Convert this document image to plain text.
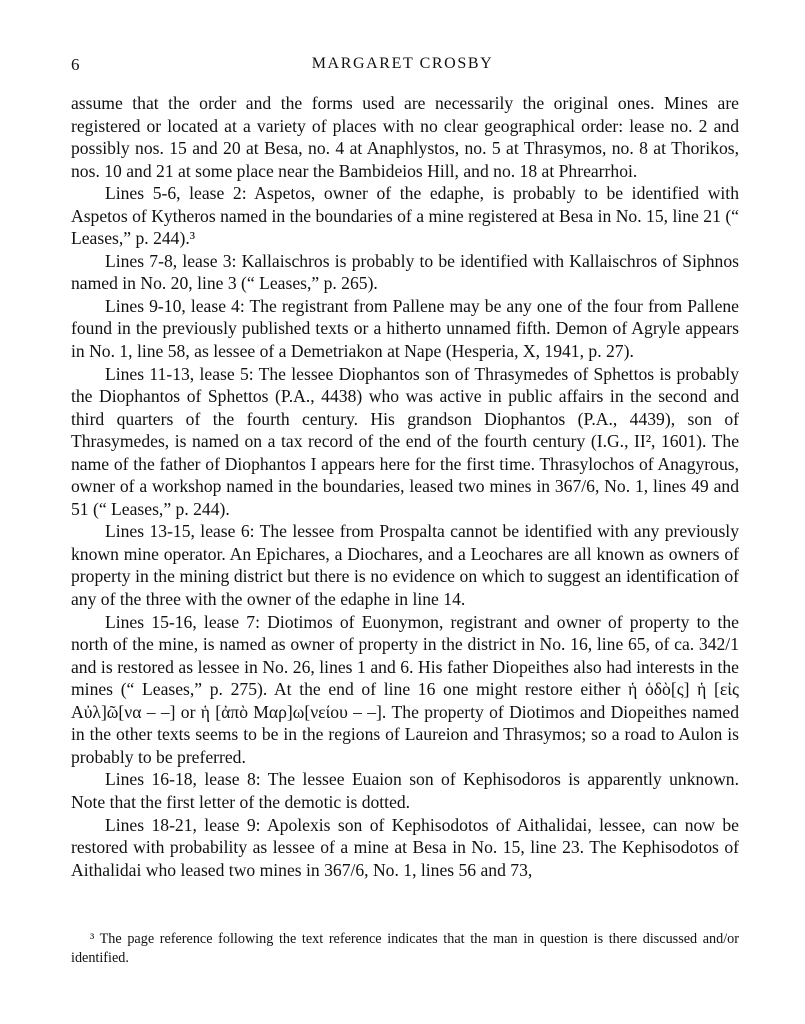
6	MARGARET CROSBY

assume that the order and the forms used are necessarily the original ones. Mines are registered or located at a variety of places with no clear geographical order: lease no. 2 and possibly nos. 15 and 20 at Besa, no. 4 at Anaphlystos, no. 5 at Thrasymos, no. 8 at Thorikos, nos. 10 and 21 at some place near the Bambideios Hill, and no. 18 at Phrearrhoi.

Lines 5-6, lease 2: Aspetos, owner of the edaphe, is probably to be identified with Aspetos of Kytheros named in the boundaries of a mine registered at Besa in No. 15, line 21 (“ Leases,” p. 244).³

Lines 7-8, lease 3: Kallaischros is probably to be identified with Kallaischros of Siphnos named in No. 20, line 3 (“ Leases,” p. 265).

Lines 9-10, lease 4: The registrant from Pallene may be any one of the four from Pallene found in the previously published texts or a hitherto unnamed fifth. Demon of Agryle appears in No. 1, line 58, as lessee of a Demetriakon at Nape (Hesperia, X, 1941, p. 27).

Lines 11-13, lease 5: The lessee Diophantos son of Thrasymedes of Sphettos is probably the Diophantos of Sphettos (P.A., 4438) who was active in public affairs in the second and third quarters of the fourth century. His grandson Diophantos (P.A., 4439), son of Thrasymedes, is named on a tax record of the end of the fourth century (I.G., II², 1601). The name of the father of Diophantos I appears here for the first time. Thrasylochos of Anagyrous, owner of a workshop named in the boundaries, leased two mines in 367/6, No. 1, lines 49 and 51 (“ Leases,” p. 244).

Lines 13-15, lease 6: The lessee from Prospalta cannot be identified with any previously known mine operator. An Epichares, a Diochares, and a Leochares are all known as owners of property in the mining district but there is no evidence on which to suggest an identification of any of the three with the owner of the edaphe in line 14.

Lines 15-16, lease 7: Diotimos of Euonymon, registrant and owner of property to the north of the mine, is named as owner of property in the district in No. 16, line 65, of ca. 342/1 and is restored as lessee in No. 26, lines 1 and 6. His father Diopeithes also had interests in the mines (“ Leases,” p. 275). At the end of line 16 one might restore either ἡ ὁδὸ[ς] ἡ [εἰς Αὐλ]ῶ[να – –] or ἡ [ἀπὸ Μαρ]ω[νείου – –]. The property of Diotimos and Diopeithes named in the other texts seems to be in the regions of Laureion and Thrasymos; so a road to Aulon is probably to be preferred.

Lines 16-18, lease 8: The lessee Euaion son of Kephisodoros is apparently unknown. Note that the first letter of the demotic is dotted.

Lines 18-21, lease 9: Apolexis son of Kephisodotos of Aithalidai, lessee, can now be restored with probability as lessee of a mine at Besa in No. 15, line 23. The Kephisodotos of Aithalidai who leased two mines in 367/6, No. 1, lines 56 and 73,

³ The page reference following the text reference indicates that the man in question is there discussed and/or identified.
